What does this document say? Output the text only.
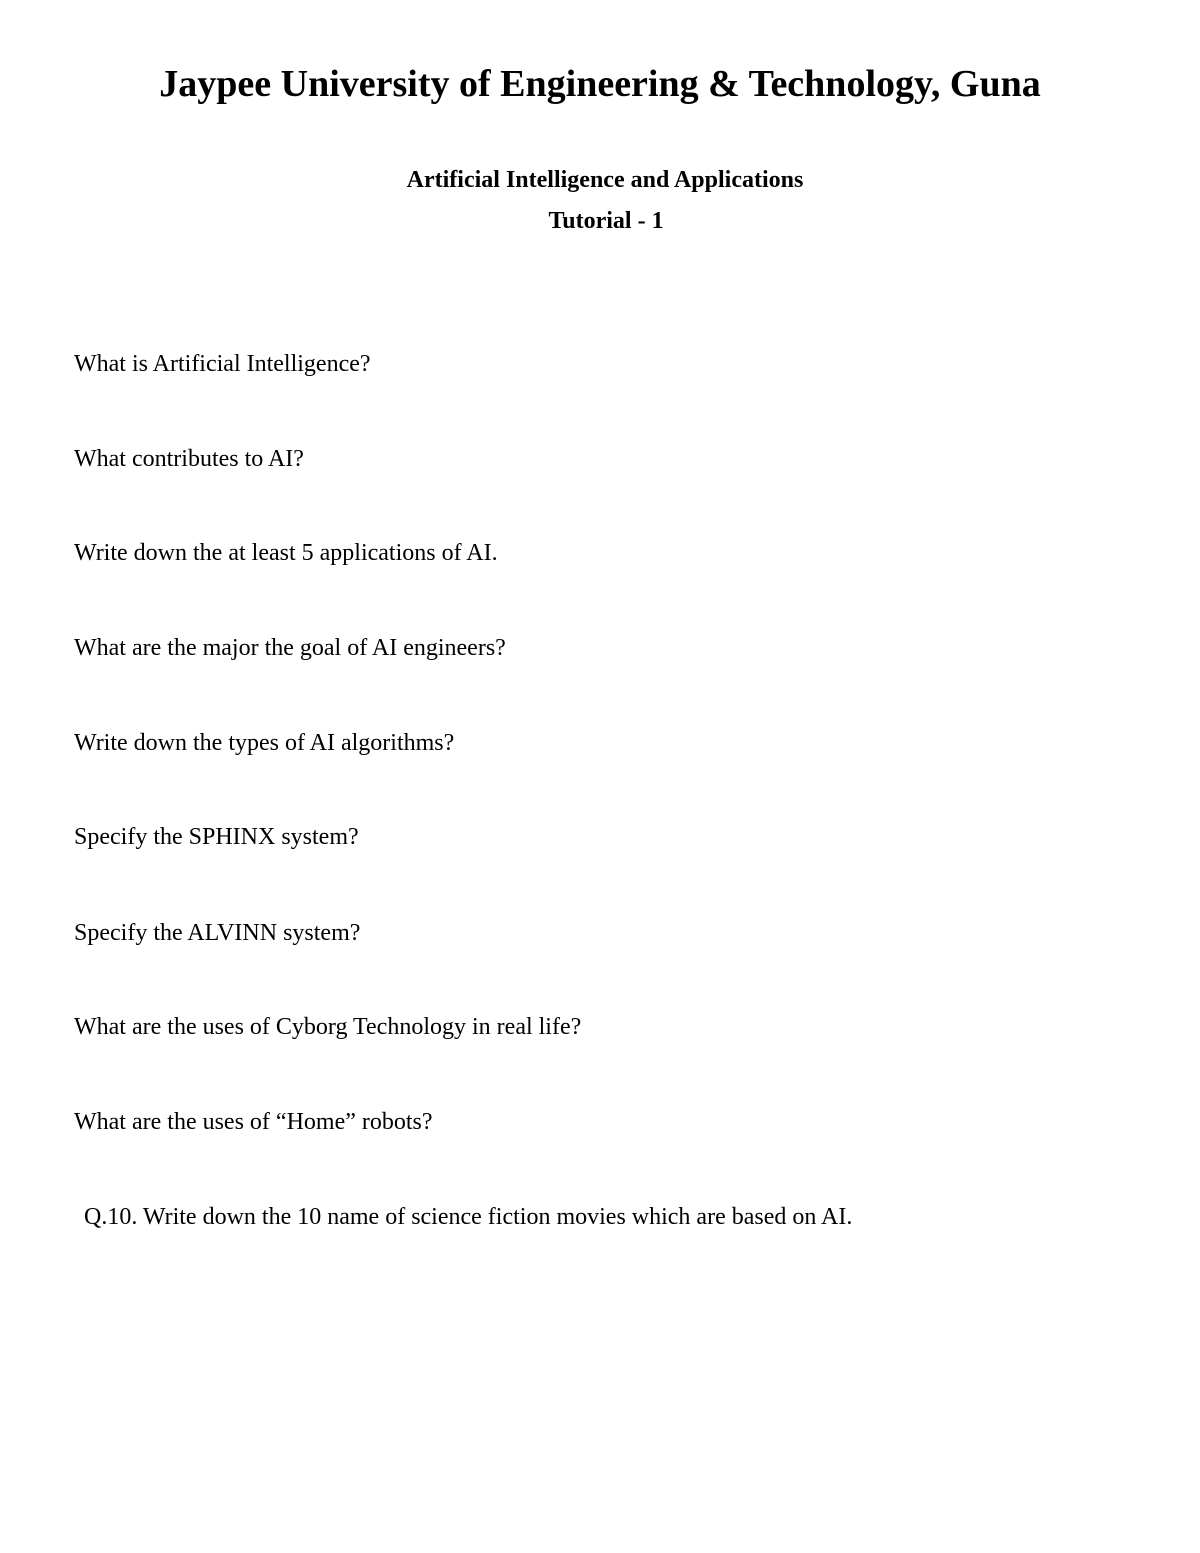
Jaypee University of Engineering & Technology, Guna
Artificial Intelligence and Applications
Tutorial - 1
What is Artificial Intelligence?
What contributes to AI?
Write down the at least 5 applications of AI.
What are the major the goal of AI engineers?
Write down the types of AI algorithms?
Specify the SPHINX system?
Specify the ALVINN system?
What are the uses of Cyborg Technology in real life?
What are the uses of “Home” robots?
Q.10. Write down the 10 name of science fiction movies which are based on AI.
